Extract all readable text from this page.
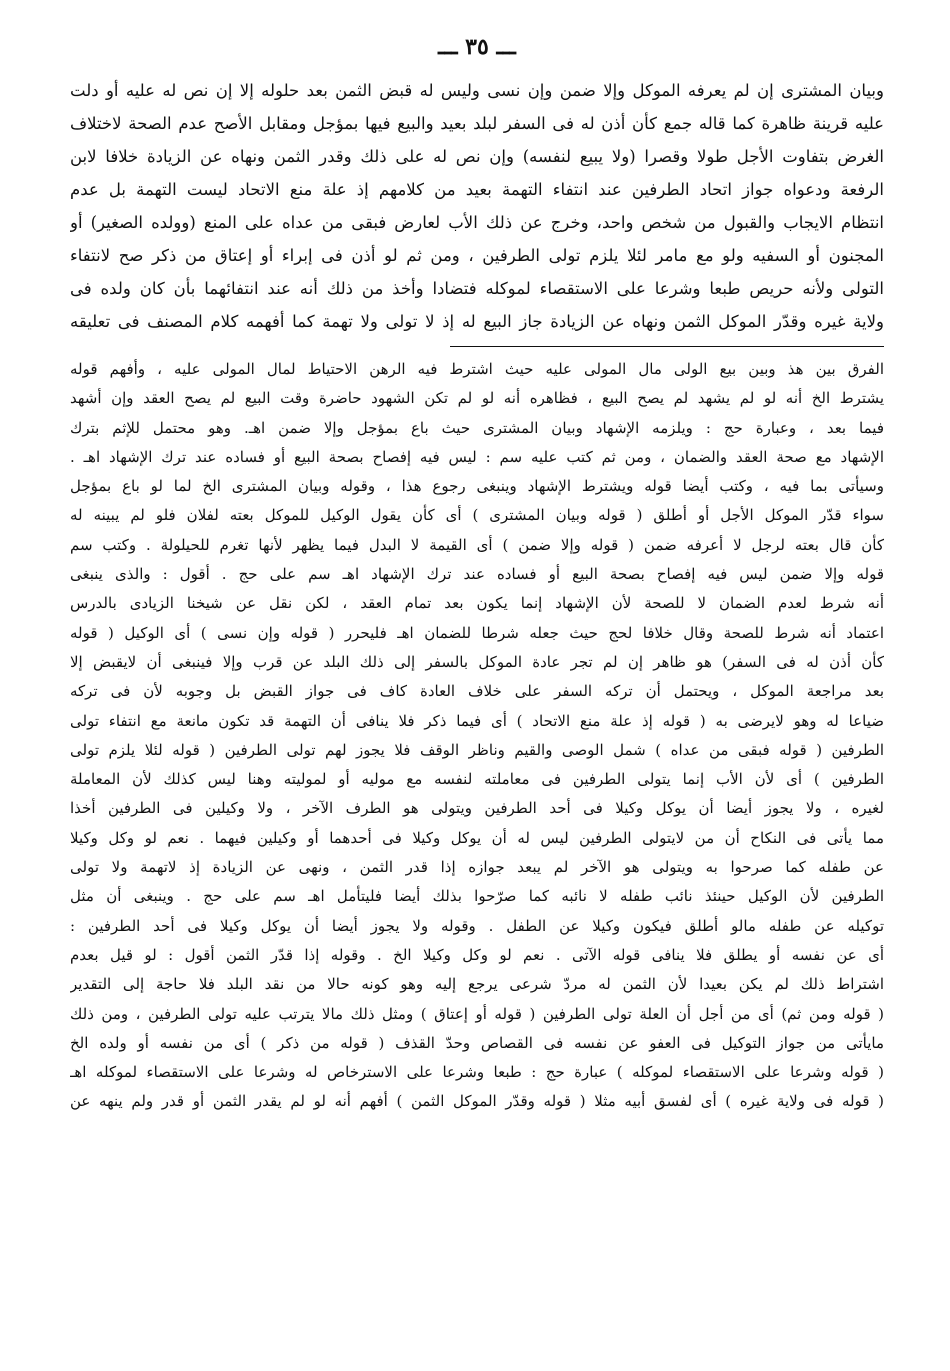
ـــ ٣٥ ـــ
وبيان المشترى إن لم يعرفه الموكل وإلا ضمن وإن نسى وليس له قبض الثمن بعد حلوله إلا إن نص له عليه أو دلت
عليه قرينة ظاهرة كما قاله جمع كأن أذن له فى السفر لبلد بعيد والبيع فيها بمؤجل ومقابل الأصح عدم الصحة لاختلاف
الغرض بتفاوت الأجل طولا وقصرا (ولا يبيع لنفسه) وإن نص له على ذلك وقدر الثمن ونهاه عن الزيادة خلافا لابن
الرفعة ودعواه جواز اتحاد الطرفين عند انتفاء التهمة بعيد من كلامهم إذ علة منع الاتحاد ليست التهمة بل عدم
انتظام الايجاب والقبول من شخص واحد، وخرج عن ذلك الأب لعارض فبقى من عداه على المنع (وولده الصغير) أو
المجنون أو السفيه ولو مع مامر لئلا يلزم تولى الطرفين ، ومن ثم لو أذن فى إبراء أو إعتاق من ذكر صح لانتفاء
التولى ولأنه حريص طبعا وشرعا على الاستقصاء لموكله فتضادا وأخذ من ذلك أنه عند انتفائهما بأن كان ولده فى
ولاية غيره وقدّر الموكل الثمن ونهاه عن الزيادة جاز البيع له إذ لا تولى ولا تهمة كما أفهمه كلام المصنف فى تعليقه
الفرق بين هذ وبين بيع الولى مال المولى عليه حيث اشترط فيه الرهن الاحتياط لمال المولى عليه ، وأفهم قوله
يشترط الخ أنه لو لم يشهد لم يصح البيع ، فظاهره أنه لو لم تكن الشهود حاضرة وقت البيع لم يصح العقد وإن أشهد
فيما بعد ، وعبارة حج : ويلزمه الإشهاد وبيان المشترى حيث باع بمؤجل وإلا ضمن اهـ. وهو محتمل للإثم بترك
الإشهاد مع صحة العقد والضمان ، ومن ثم كتب عليه سم : ليس فيه إفصاح بصحة البيع أو فساده عند ترك الإشهاد اهـ .
وسيأتى بما فيه ، وكتب أيضا قوله ويشترط الإشهاد وينبغى رجوع هذا ، وقوله وبيان المشترى الخ لما لو باع بمؤجل
سواء قدّر الموكل الأجل أو أطلق ( قوله وبيان المشترى ) أى كأن يقول الوكيل للموكل بعته لفلان فلو لم يبينه له
كأن قال بعته لرجل لا أعرفه ضمن ( قوله وإلا ضمن ) أى القيمة لا البدل فيما يظهر لأنها تغرم للحيلولة . وكتب سم
قوله وإلا ضمن ليس فيه إفصاح بصحة البيع أو فساده عند ترك الإشهاد اهـ سم على حج . أقول : والذى ينبغى
أنه شرط لعدم الضمان لا للصحة لأن الإشهاد إنما يكون بعد تمام العقد ، لكن نقل عن شيخنا الزيادى بالدرس
اعتماد أنه شرط للصحة وقال خلافا لحج حيث جعله شرطا للضمان اهـ فليحرر ( قوله وإن نسى ) أى الوكيل ( قوله
كأن أذن له فى السفر) هو ظاهر إن لم تجر عادة الموكل بالسفر إلى ذلك البلد عن قرب وإلا فينبغى أن لايقبض إلا
بعد مراجعة الموكل ، ويحتمل أن تركه السفر على خلاف العادة كاف فى جواز القبض بل وجوبه لأن فى تركه
ضياعا له وهو لايرضى به ( قوله إذ علة منع الاتحاد ) أى فيما ذكر فلا ينافى أن التهمة قد تكون مانعة مع انتفاء تولى
الطرفين ( قوله فبقى من عداه ) شمل الوصى والقيم وناظر الوقف فلا يجوز لهم تولى الطرفين ( قوله لئلا يلزم تولى
الطرفين ) أى لأن الأب إنما يتولى الطرفين فى معاملته لنفسه مع موليه أو لموليته وهنا ليس كذلك لأن المعاملة
لغيره ، ولا يجوز أيضا أن يوكل وكيلا فى أحد الطرفين ويتولى هو الطرف الآخر ، ولا وكيلين فى الطرفين أخذا
مما يأتى فى النكاح أن من لايتولى الطرفين ليس له أن يوكل وكيلا فى أحدهما أو وكيلين فيهما . نعم لو وكل وكيلا
عن طفله كما صرحوا به ويتولى هو الآخر لم يبعد جوازه إذا قدر الثمن ، ونهى عن الزيادة إذ لاتهمة ولا تولى
الطرفين لأن الوكيل حينئذ نائب طفله لا نائبه كما صرّحوا بذلك أيضا فليتأمل اهـ سم على حج . وينبغى أن مثل
توكيله عن طفله مالو أطلق فيكون وكيلا عن الطفل . وقوله ولا يجوز أيضا أن يوكل وكيلا فى أحد الطرفين :
أى عن نفسه أو يطلق فلا ينافى قوله الآتى . نعم لو وكل وكيلا الخ . وقوله إذا قدّر الثمن أقول : لو قيل بعدم
اشتراط ذلك لم يكن بعيدا لأن الثمن له مردّ شرعى يرجع إليه وهو كونه حالا من نقد البلد فلا حاجة إلى التقدير
( قوله ومن ثم) أى من أجل أن العلة تولى الطرفين ( قوله أو إعتاق ) ومثل ذلك مالا يترتب عليه تولى الطرفين ، ومن ذلك
مايأتى من جواز التوكيل فى العفو عن نفسه فى القصاص وحدّ القذف ( قوله من ذكر ) أى من نفسه أو ولده الخ
( قوله وشرعا على الاستقصاء لموكله ) عبارة حج : طبعا وشرعا على الاسترخاص له وشرعا على الاستقصاء لموكله اهـ
( قوله فى ولاية غيره ) أى لفسق أبيه مثلا ( قوله وقدّر الموكل الثمن ) أفهم أنه لو لم يقدر الثمن أو قدر ولم ينهه عن
